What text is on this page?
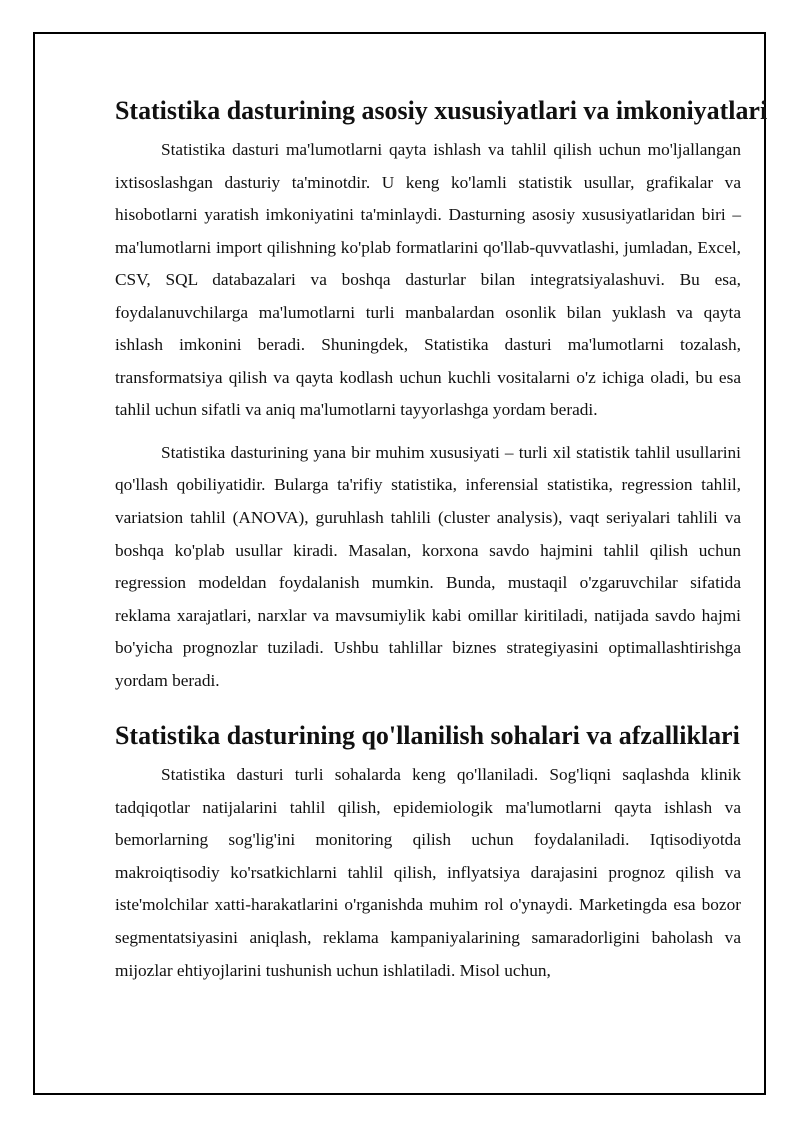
Statistika dasturining asosiy xususiyatlari va imkoniyatlari

Statistika dasturi ma'lumotlarni qayta ishlash va tahlil qilish uchun mo'ljallangan ixtisoslashgan dasturiy ta'minotdir. U keng ko'lamli statistik usullar, grafikalar va hisobotlarni yaratish imkoniyatini ta'minlaydi. Dasturning asosiy xususiyatlaridan biri – ma'lumotlarni import qilishning ko'plab formatlarini qo'llab-quvvatlashi, jumladan, Excel, CSV, SQL databazalari va boshqa dasturlar bilan integratsiyalashuvi. Bu esa, foydalanuvchilarga ma'lumotlarni turli manbalardan osonlik bilan yuklash va qayta ishlash imkonini beradi. Shuningdek, Statistika dasturi ma'lumotlarni tozalash, transformatsiya qilish va qayta kodlash uchun kuchli vositalarni o'z ichiga oladi, bu esa tahlil uchun sifatli va aniq ma'lumotlarni tayyorlashga yordam beradi.

Statistika dasturining yana bir muhim xususiyati – turli xil statistik tahlil usullarini qo'llash qobiliyatidir. Bularga ta'rifiy statistika, inferensial statistika, regression tahlil, variatsion tahlil (ANOVA), guruhlash tahlili (cluster analysis), vaqt seriyalari tahlili va boshqa ko'plab usullar kiradi. Masalan, korxona savdo hajmini tahlil qilish uchun regression modeldan foydalanish mumkin. Bunda, mustaqil o'zgaruvchilar sifatida reklama xarajatlari, narxlar va mavsumiylik kabi omillar kiritiladi, natijada savdo hajmi bo'yicha prognozlar tuziladi. Ushbu tahlillar biznes strategiyasini optimallashtirishga yordam beradi.

Statistika dasturining qo'llanilish sohalari va afzalliklari

Statistika dasturi turli sohalarda keng qo'llaniladi. Sog'liqni saqlashda klinik tadqiqotlar natijalarini tahlil qilish, epidemiologik ma'lumotlarni qayta ishlash va bemorlarning sog'lig'ini monitoring qilish uchun foydalaniladi. Iqtisodiyotda makroiqtisodiy ko'rsatkichlarni tahlil qilish, inflyatsiya darajasini prognoz qilish va iste'molchilar xatti-harakatlarini o'rganishda muhim rol o'ynaydi. Marketingda esa bozor segmentatsiyasini aniqlash, reklama kampaniyalarining samaradorligini baholash va mijozlar ehtiyojlarini tushunish uchun ishlatiladi. Misol uchun,
